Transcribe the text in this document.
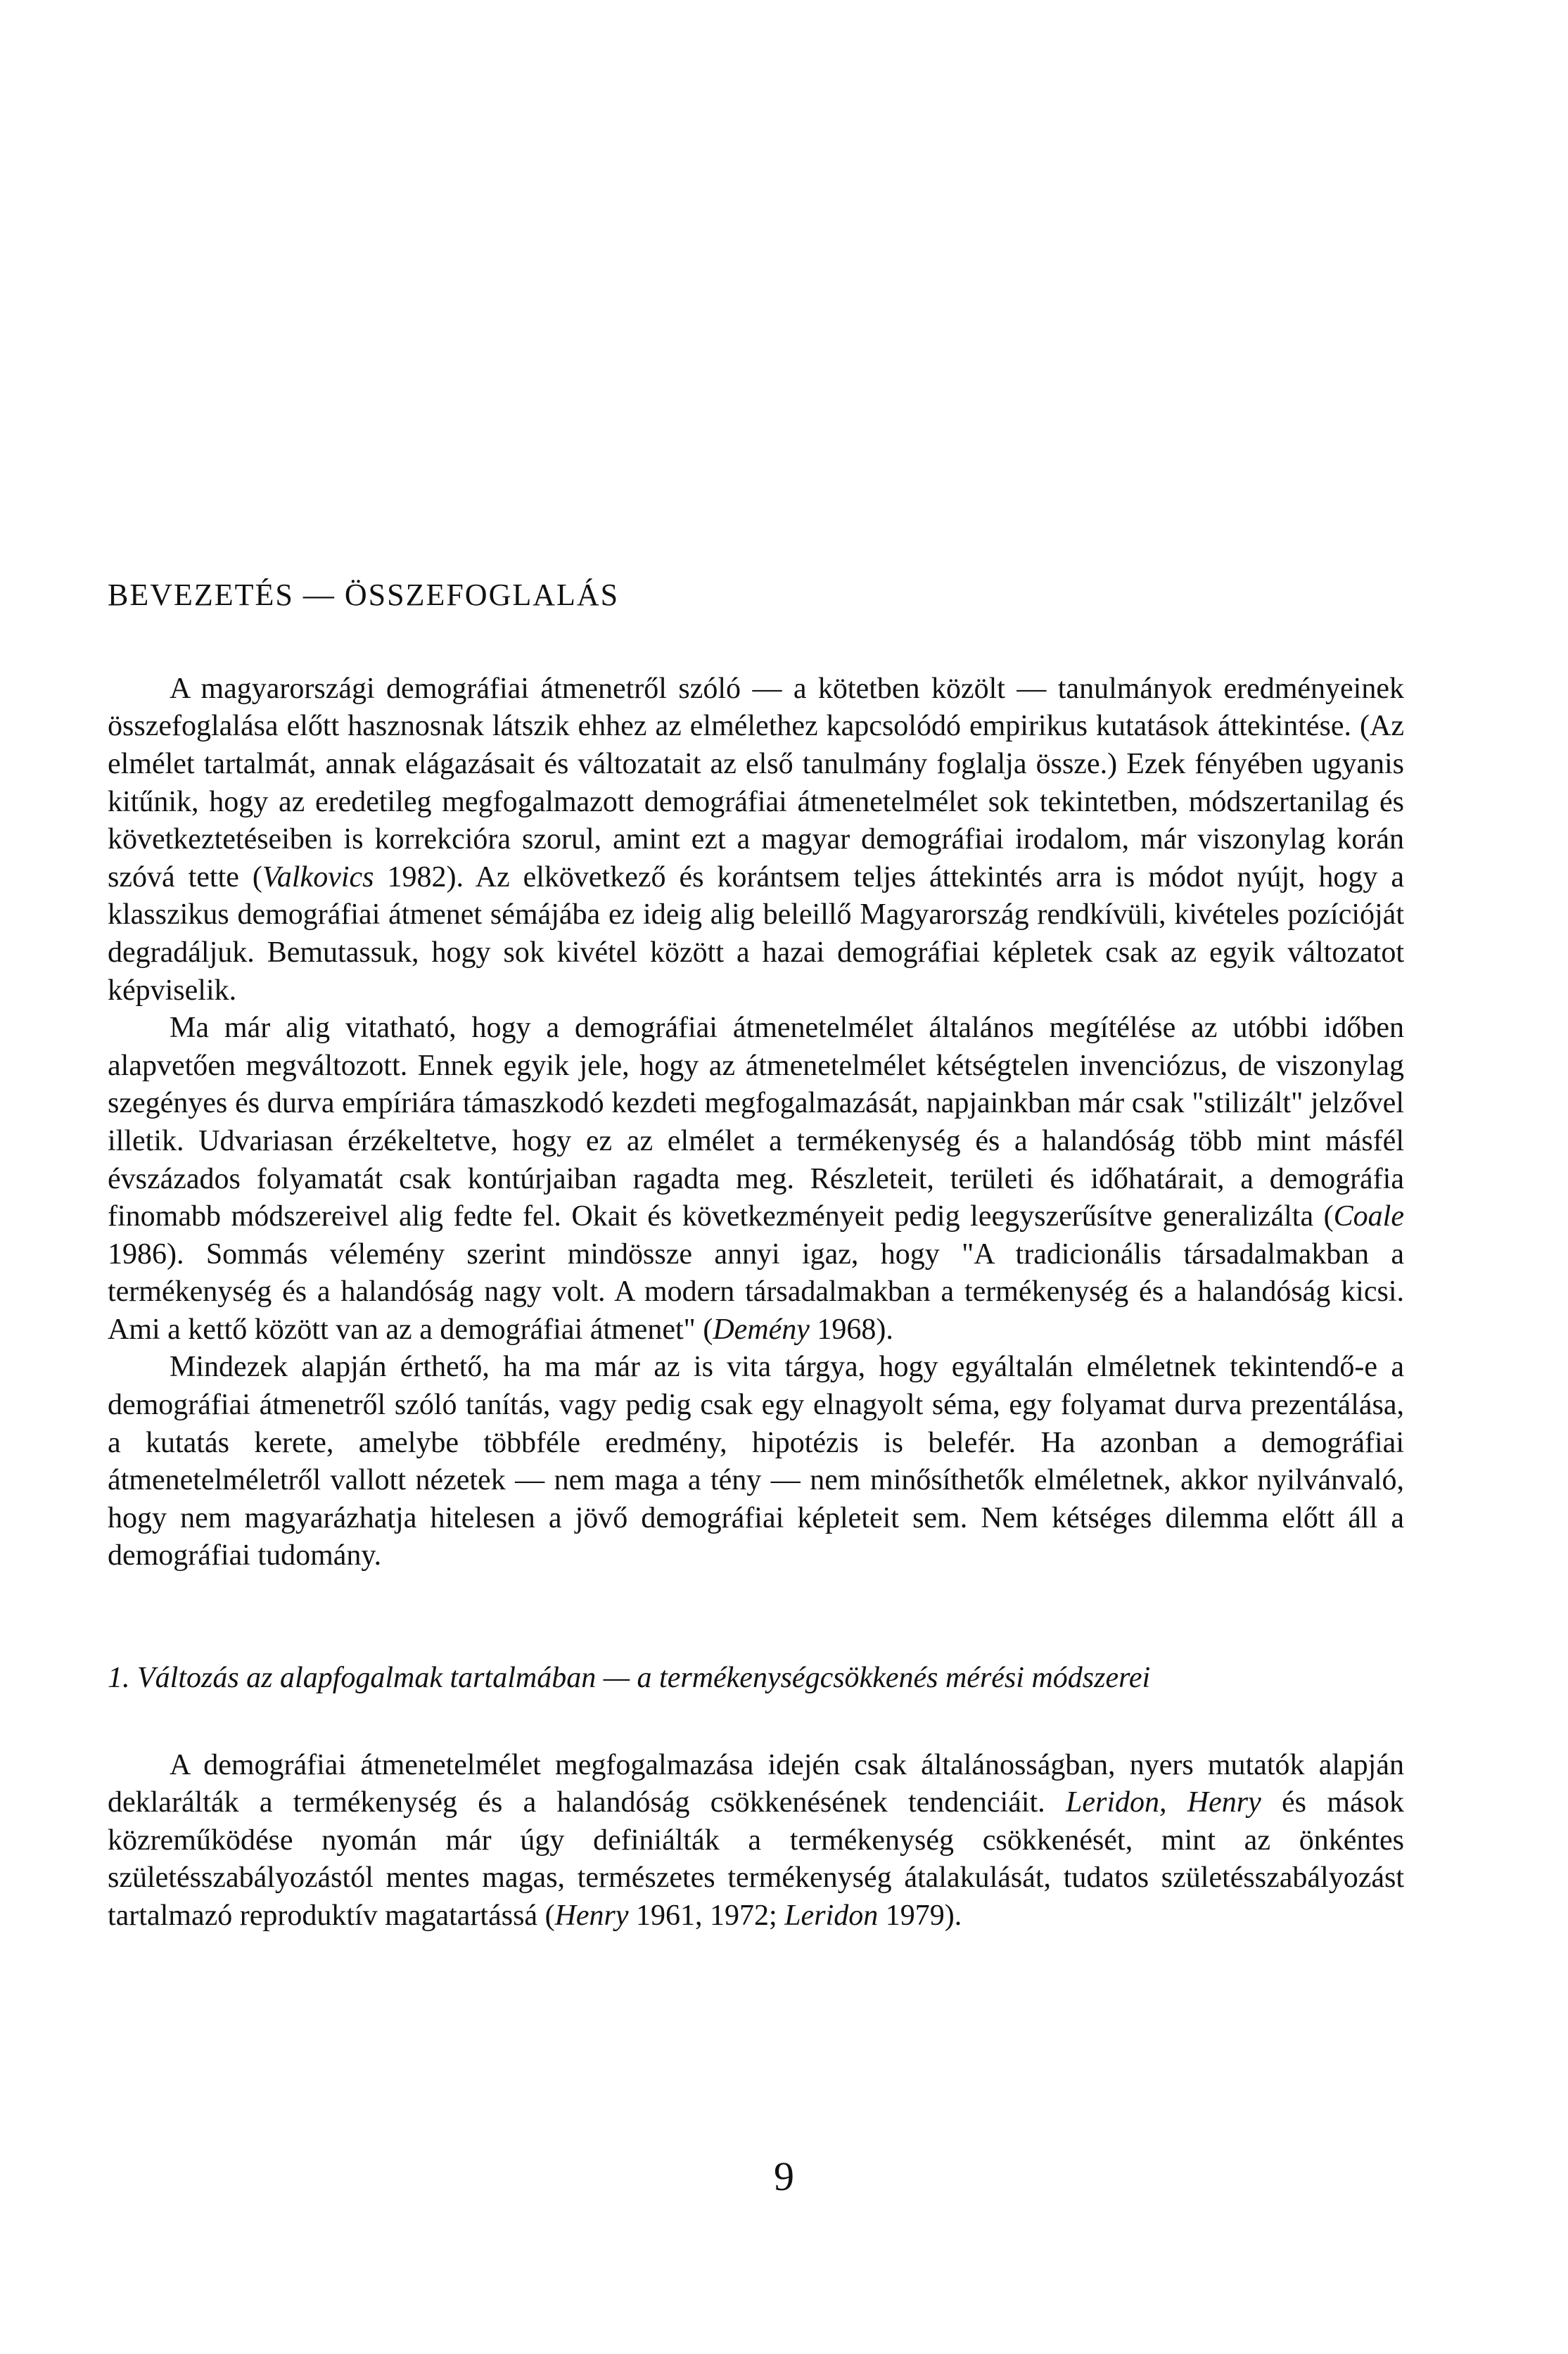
BEVEZETÉS — ÖSSZEFOGLALÁS

A magyarországi demográfiai átmenetről szóló — a kötetben közölt — tanulmányok eredményeinek összefoglalása előtt hasznosnak látszik ehhez az elmélethez kapcsolódó empirikus kutatások áttekintése. (Az elmélet tartalmát, annak elágazásait és változatait az első tanulmány foglalja össze.) Ezek fényében ugyanis kitűnik, hogy az eredetileg megfogalmazott demográfiai átmenetelmélet sok tekintetben, módszertanilag és következtetéseiben is korrekcióra szorul, amint ezt a magyar demográfiai irodalom, már viszonylag korán szóvá tette (Valkovics 1982). Az elkövetkező és korántsem teljes áttekintés arra is módot nyújt, hogy a klasszikus demográfiai átmenet sémájába ez ideig alig beleillő Magyarország rendkívüli, kivételes pozícióját degradáljuk. Bemutassuk, hogy sok kivétel között a hazai demográfiai képletek csak az egyik változatot képviselik.

Ma már alig vitatható, hogy a demográfiai átmenetelmélet általános megítélése az utóbbi időben alapvetően megváltozott. Ennek egyik jele, hogy az átmenetelmélet kétségtelen invenciózus, de viszonylag szegényes és durva empíriára támaszkodó kezdeti megfogalmazását, napjainkban már csak "stilizált" jelzővel illetik. Udvariasan érzékeltetve, hogy ez az elmélet a termékenység és a halandóság több mint másfél évszázados folyamatát csak kontúrjaiban ragadta meg. Részleteit, területi és időhatárait, a demográfia finomabb módszereivel alig fedte fel. Okait és következményeit pedig leegyszerűsítve generalizálta (Coale 1986). Sommás vélemény szerint mindössze annyi igaz, hogy "A tradicionális társadalmakban a termékenység és a halandóság nagy volt. A modern társadalmakban a termékenység és a halandóság kicsi. Ami a kettő között van az a demográfiai átmenet" (Demény 1968).

Mindezek alapján érthető, ha ma már az is vita tárgya, hogy egyáltalán elméletnek tekintendő-e a demográfiai átmenetről szóló tanítás, vagy pedig csak egy elnagyolt séma, egy folyamat durva prezentálása, a kutatás kerete, amelybe többféle eredmény, hipotézis is belefér. Ha azonban a demográfiai átmenetelméletről vallott nézetek — nem maga a tény — nem minősíthetők elméletnek, akkor nyilvánvaló, hogy nem magyarázhatja hitelesen a jövő demográfiai képleteit sem. Nem kétséges dilemma előtt áll a demográfiai tudomány.

1. Változás az alapfogalmak tartalmában — a termékenységcsökkenés mérési módszerei

A demográfiai átmenetelmélet megfogalmazása idején csak általánosságban, nyers mutatók alapján deklarálták a termékenység és a halandóság csökkenésének tendenciáit. Leridon, Henry és mások közreműködése nyomán már úgy definiálták a termékenység csökkenését, mint az önkéntes születésszabályozástól mentes magas, természetes termékenység átalakulását, tudatos születésszabályozást tartalmazó reproduktív magatartássá (Henry 1961, 1972; Leridon 1979).

9
